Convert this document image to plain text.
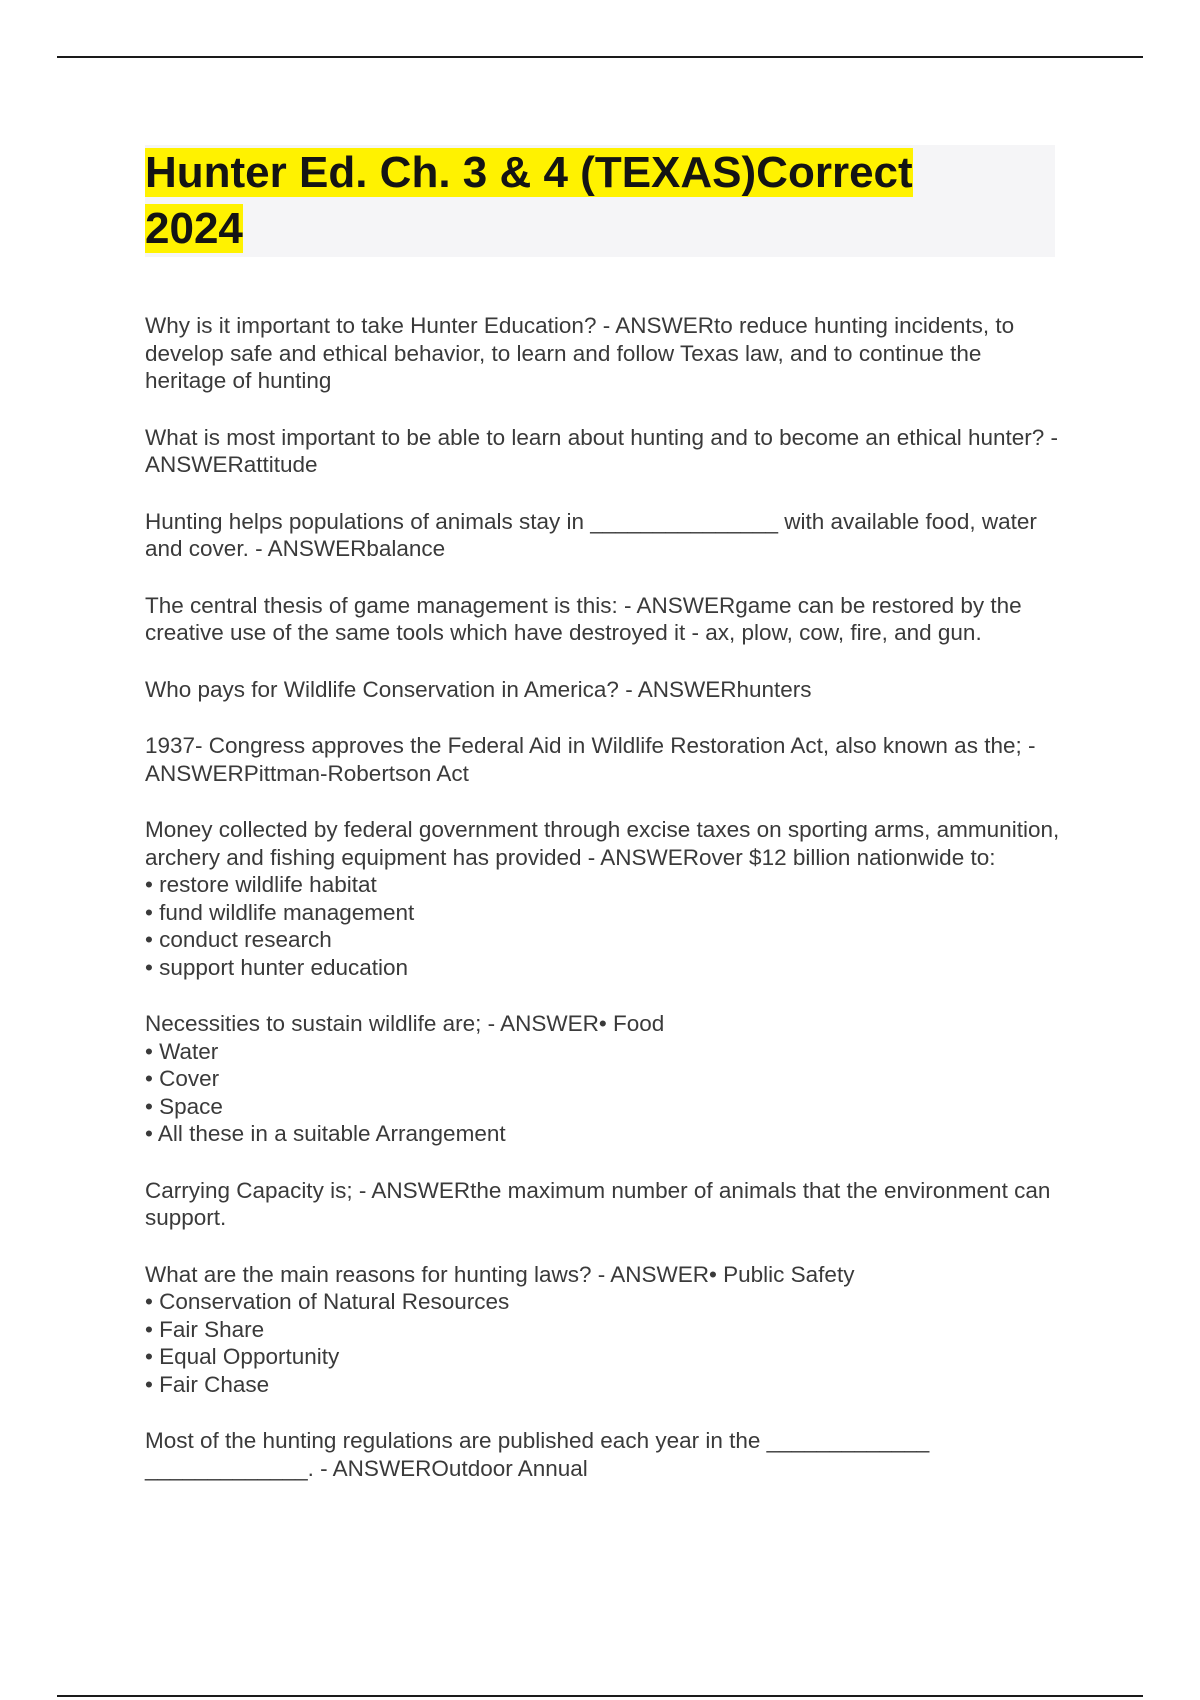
Hunter Ed. Ch. 3 & 4 (TEXAS)Correct
2024

Why is it important to take Hunter Education? - ANSWERto reduce hunting incidents, to develop safe and ethical behavior, to learn and follow Texas law, and to continue the heritage of hunting

What is most important to be able to learn about hunting and to become an ethical hunter? - ANSWERattitude

Hunting helps populations of animals stay in _______________ with available food, water and cover. - ANSWERbalance

The central thesis of game management is this: - ANSWERgame can be restored by the creative use of the same tools which have destroyed it - ax, plow, cow, fire, and gun.

Who pays for Wildlife Conservation in America? - ANSWERhunters

1937- Congress approves the Federal Aid in Wildlife Restoration Act, also known as the; - ANSWERPittman-Robertson Act

Money collected by federal government through excise taxes on sporting arms, ammunition, archery and fishing equipment has provided - ANSWERover $12 billion nationwide to:

• restore wildlife habitat
• fund wildlife management
• conduct research
• support hunter education

Necessities to sustain wildlife are; - ANSWER• Food

• Water
• Cover
• Space
• All these in a suitable Arrangement

Carrying Capacity is; - ANSWERthe maximum number of animals that the environment can support.

What are the main reasons for hunting laws? - ANSWER• Public Safety

• Conservation of Natural Resources
• Fair Share
• Equal Opportunity
• Fair Chase

Most of the hunting regulations are published each year in the _____________ _____________. - ANSWEROutdoor Annual
